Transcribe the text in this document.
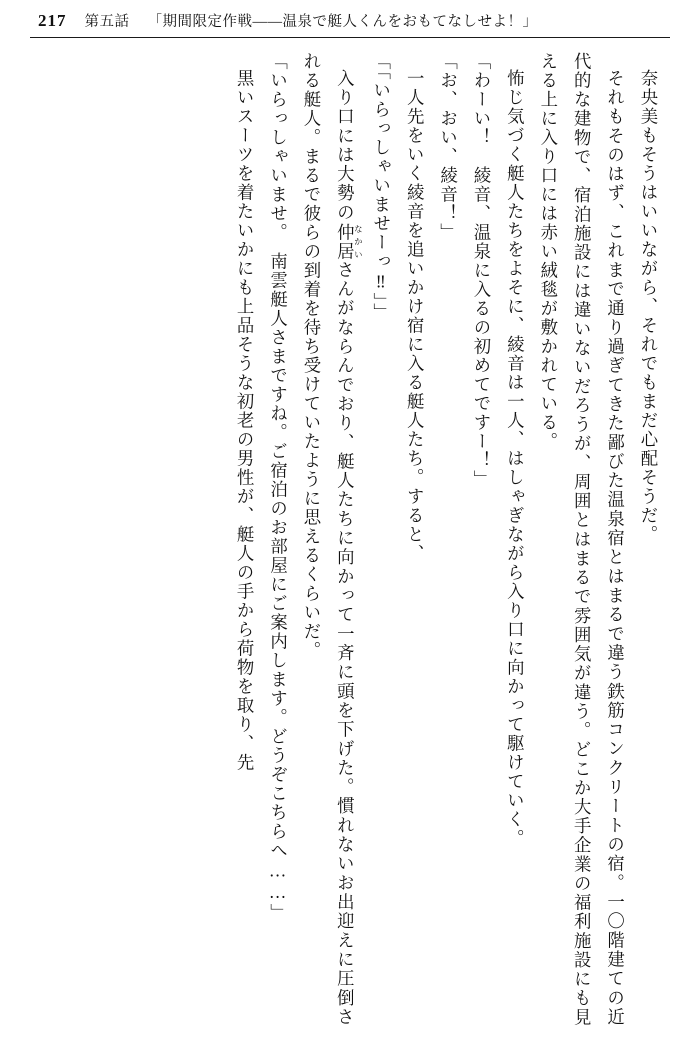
217 第五話 「期間限定作戦——温泉で艇人くんをおもてなしせよ！」

奈央美もそうはいいながら、それでもまだ心配そうだ。

それもそのはず、これまで通り過ぎてきた鄙びた温泉宿とはまるで違う鉄筋コンクリートの宿。一〇階建ての近代的な建物で、宿泊施設には違いないだろうが、周囲とはまるで雰囲気が違う。どこか大手企業の福利施設にも見える上に入り口には赤い絨毯が敷かれている。

怖じ気づく艇人たちをよそに、綾音は一人、はしゃぎながら入り口に向かって駆けていく。

「わーい！　綾音、温泉に入るの初めてですー！」

「お、おい、綾音！」

一人先をいく綾音を追いかけ宿に入る艇人たち。すると、

「「いらっしゃいませーっ‼」」

入り口には大勢の仲居 なかいさんがならんでおり、艇人たちに向かって一斉に頭を下げた。慣れないお出迎えに圧倒される艇人。まるで彼らの到着を待ち受けていたように思えるくらいだ。

「いらっしゃいませ。　南雲艇人さまですね。ご宿泊のお部屋にご案内します。どうぞこちらへ……」

黒いスーツを着たいかにも上品そうな初老の男性が、艇人の手から荷物を取り、先
